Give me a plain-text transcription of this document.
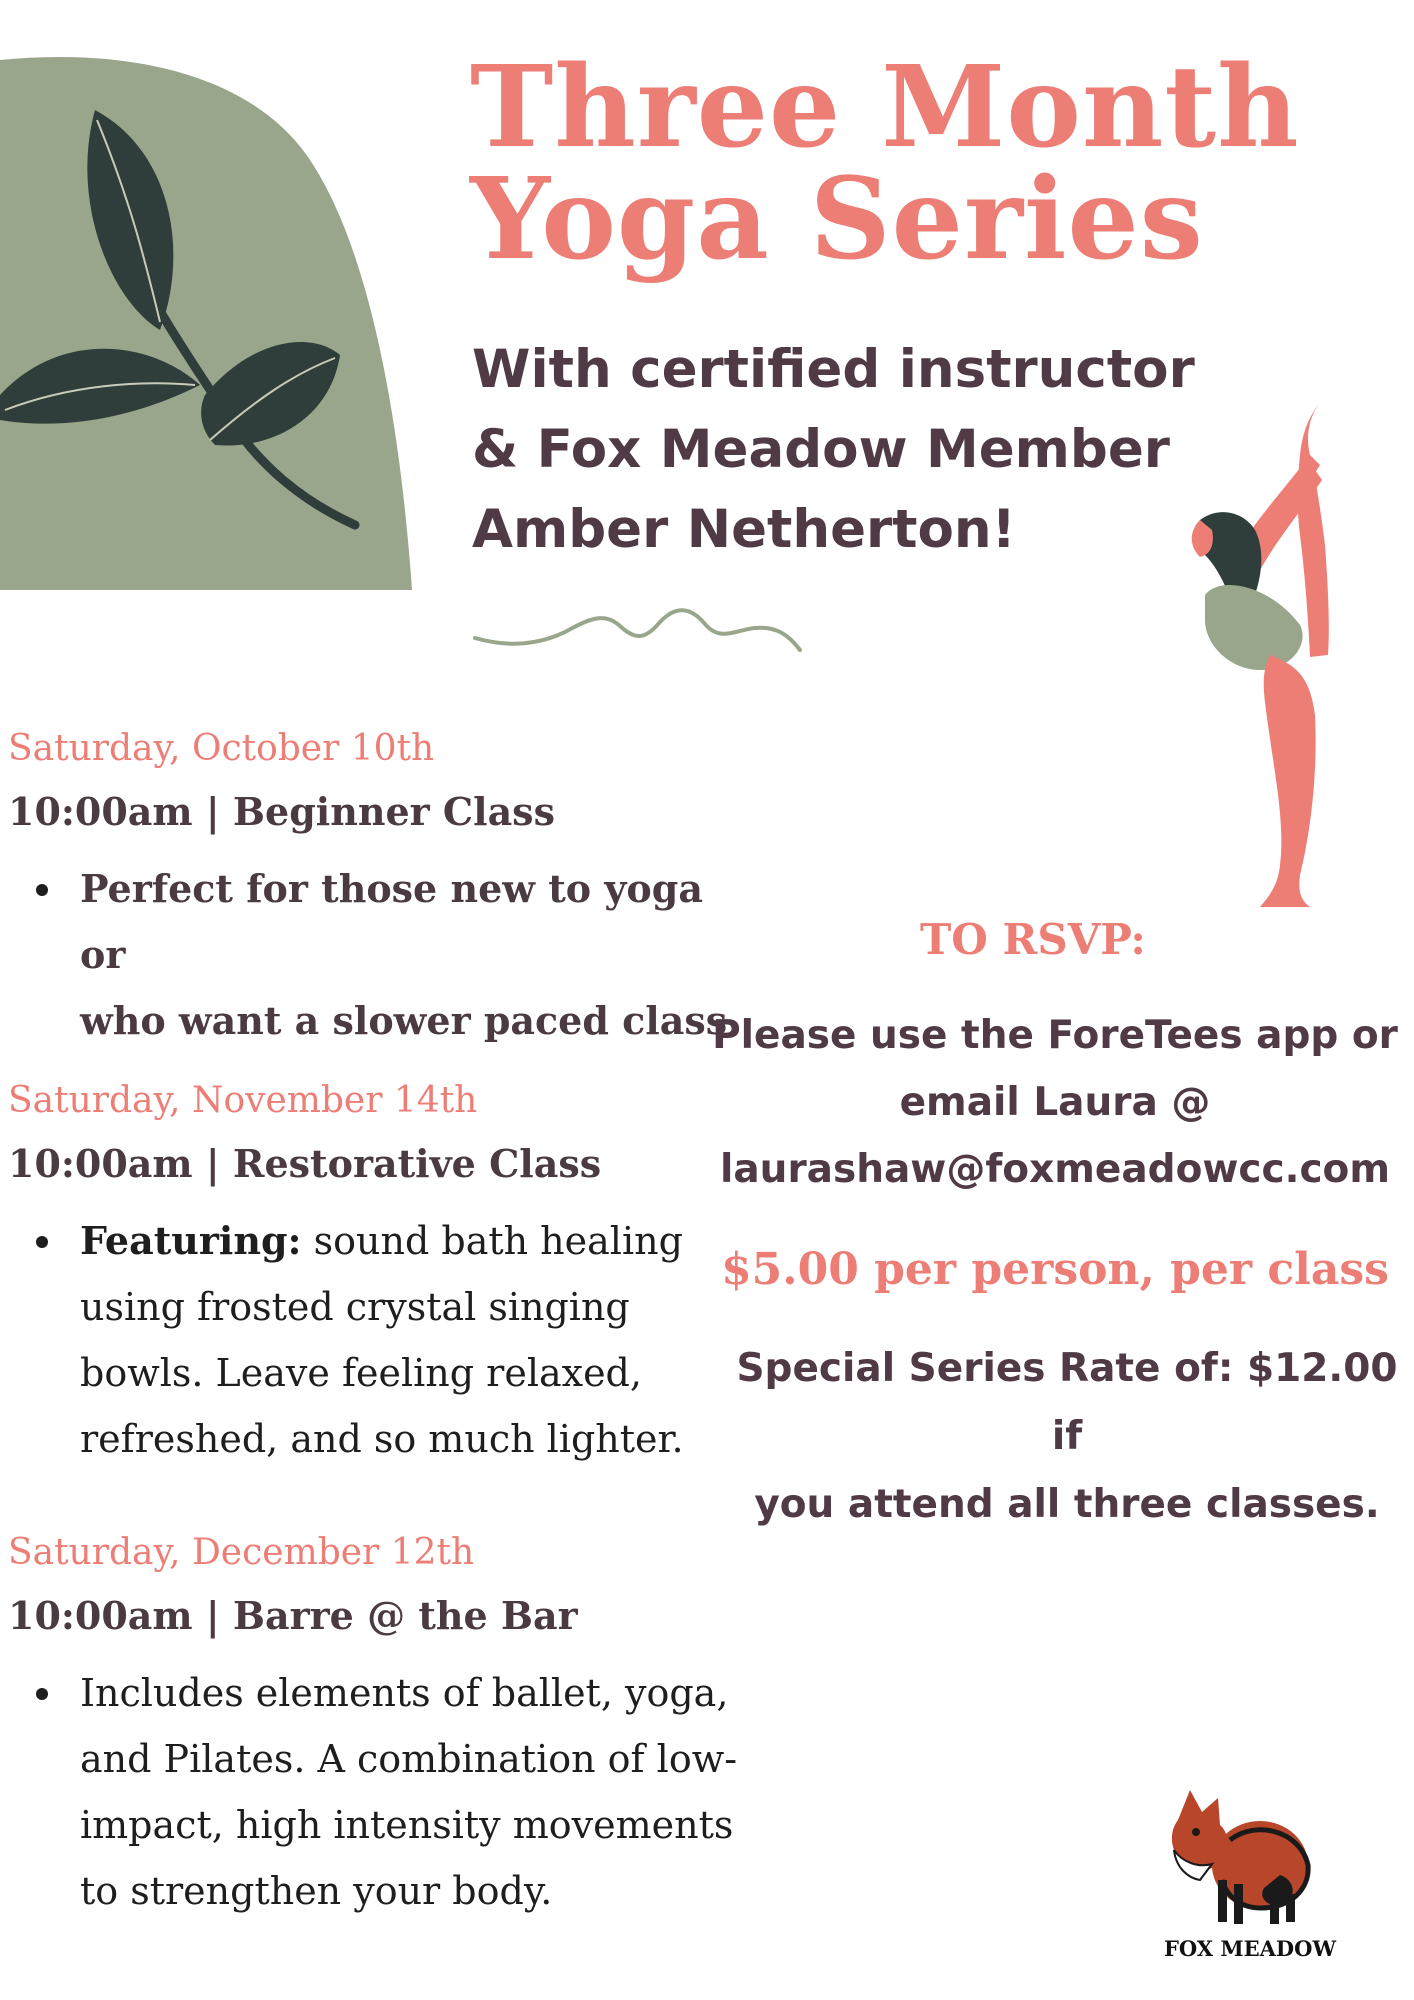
Three Month
Yoga Series
With certified instructor
& Fox Meadow Member
Amber Netherton!
Saturday, October 10th
10:00am | Beginner Class
Perfect for those new to yoga or
who want a slower paced class
Saturday, November 14th
10:00am | Restorative Class
Featuring: sound bath healing
using frosted crystal singing
bowls. Leave feeling relaxed,
refreshed, and so much lighter.
Saturday, December 12th
10:00am | Barre @ the Bar
Includes elements of ballet, yoga,
and Pilates. A combination of low-
impact, high intensity movements
to strengthen your body.
TO RSVP:
Please use the ForeTees app or
email Laura @
laurashaw@foxmeadowcc.com
$5.00 per person, per class
Special Series Rate of: $12.00 if
you attend all three classes.
FOX MEADOW
